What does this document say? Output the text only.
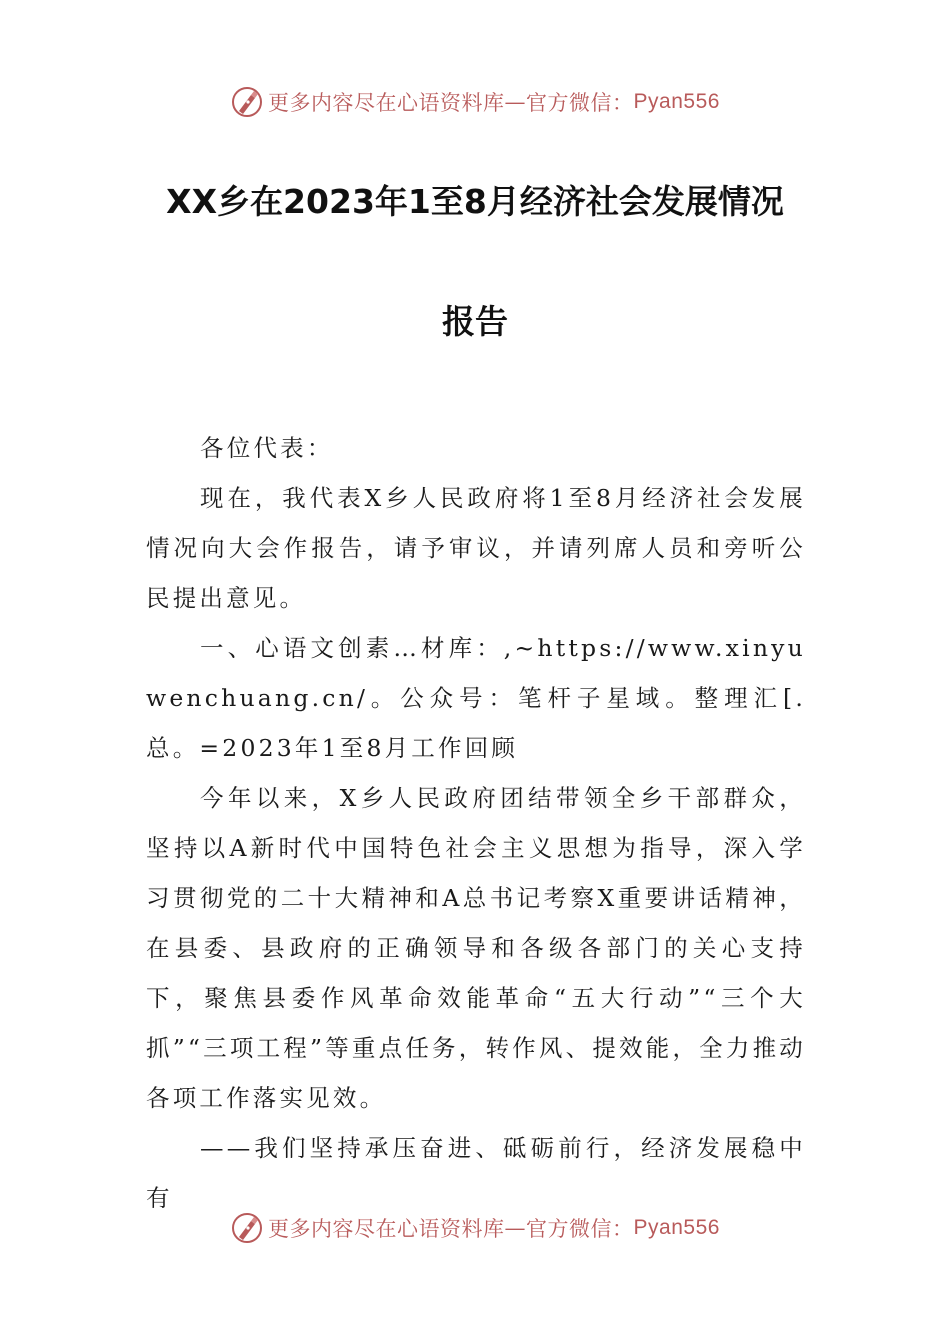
更多内容尽在心语资料库 — 官方微信： Pyan556
XX乡在2023年1至8月经济社会发展情况
报告

各位代表：

现在，我代表X乡人民政府将1至8月经济社会发展情况向大会作报告，请予审议，并请列席人员和旁听公民提出意见。

一、心语文创素…材库：,~https://www.xinyuwenchuang.cn/。公众号：笔杆子星域。整理汇[.总。=2023年1至8月工作回顾

今年以来，X乡人民政府团结带领全乡干部群众，坚持以A新时代中国特色社会主义思想为指导，深入学习贯彻党的二十大精神和A总书记考察X重要讲话精神，在县委、县政府的正确领导和各级各部门的关心支持下，聚焦县委作风革命效能革命“五大行动”“三个大抓”“三项工程”等重点任务，转作风、提效能，全力推动各项工作落实见效。

——我们坚持承压奋进、砥砺前行，经济发展稳中有

更多内容尽在心语资料库 — 官方微信： Pyan556
